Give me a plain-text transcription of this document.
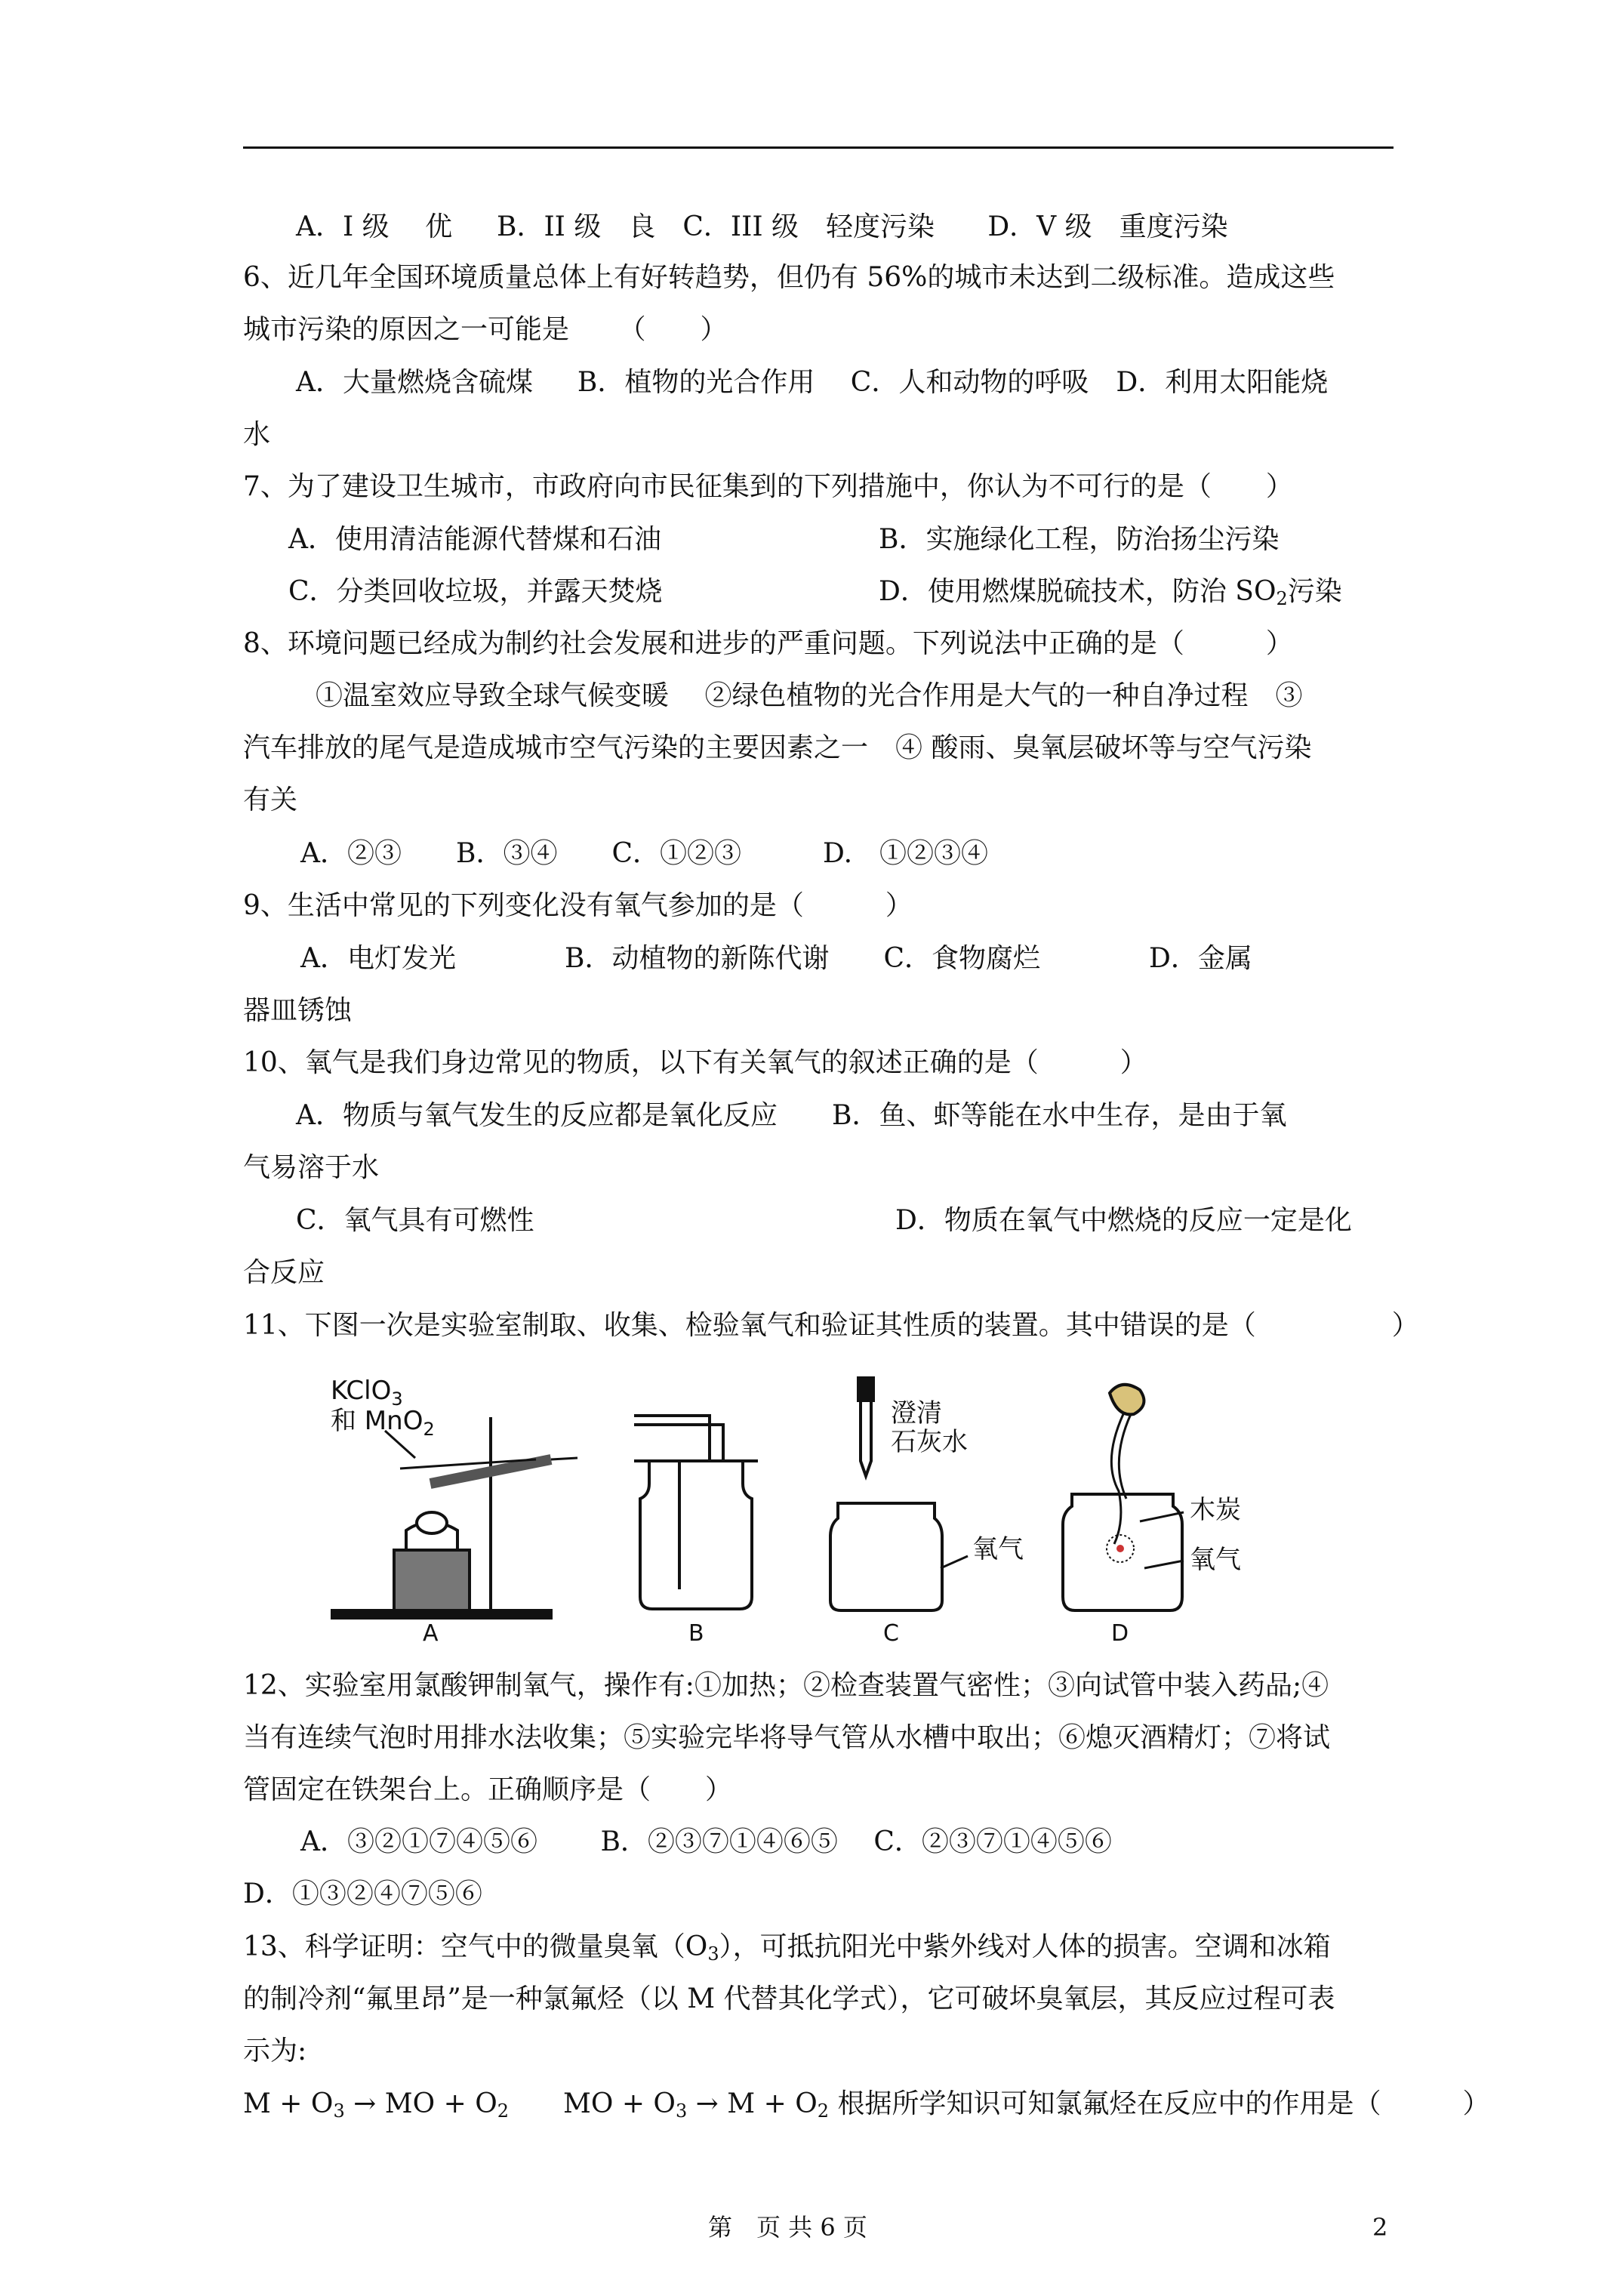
A．I 级　 优　  B．II 级　良　C．III 级　轻度污染　   D．V 级　重度污染
6、近几年全国环境质量总体上有好转趋势，但仍有 56%的城市未达到二级标准。造成这些
城市污染的原因之一可能是　 　（　　）
A．大量燃烧含硫煤　  B．植物的光合作用　 C．人和动物的呼吸　D．利用太阳能烧
水
7、为了建设卫生城市，市政府向市民征集到的下列措施中，你认为不可行的是（　　）
A．使用清洁能源代替煤和石油	B．实施绿化工程，防治扬尘污染
C．分类回收垃圾，并露天焚烧	D．使用燃煤脱硫技术，防治 $SO_2$污染
8、环境问题已经成为制约社会发展和进步的严重问题。下列说法中正确的是（　　　）
①温室效应导致全球气候变暖　 ②绿色植物的光合作用是大气的一种自净过程　③
汽车排放的尾气是造成城市空气污染的主要因素之一　④ 酸雨、臭氧层破坏等与空气污染
有关
A．②③　　B．③④　　C．①②③　　　D.　①②③④
9、生活中常见的下列变化没有氧气参加的是（　　　）
A．电灯发光　　　　B．动植物的新陈代谢　　C．食物腐烂　　　　D．金属
器皿锈蚀
10、氧气是我们身边常见的物质，以下有关氧气的叙述正确的是（　　　）
A．物质与氧气发生的反应都是氧化反应　　B．鱼、虾等能在水中生存，是由于氧
气易溶于水
C．氧气具有可燃性	D．物质在氧气中燃烧的反应一定是化
合反应
11、下图一次是实验室制取、收集、检验氧气和验证其性质的装置。其中错误的是（　　　　　）
KClO$_3$
和 MnO$_2$
A	B
澄清
石灰水
氧气
C
木炭
氧气
D
12、实验室用氯酸钾制氧气，操作有:①加热；②检查装置气密性；③向试管中装入药品;④
当有连续气泡时用排水法收集；⑤实验完毕将导气管从水槽中取出；⑥熄灭酒精灯；⑦将试
管固定在铁架台上。正确顺序是（　　）
A．③②①⑦④⑤⑥　　 B．②③⑦①④⑥⑤　 C．②③⑦①④⑤⑥
D．①③②④⑦⑤⑥
13、科学证明：空气中的微量臭氧$(O_3)$，可抵抗阳光中紫外线对人体的损害。空调和冰箱
的制冷剂“氟里昂”是一种氯氟烃（以 M 代替其化学式），它可破坏臭氧层，其反应过程可表
示为:
$M + O_3$ → MO + $O_2$　　MO + $O_3 \to M + O_2$ 根据所学知识可知氯氟烃在反应中的作用是（　　　）
第　页 共 6 页	2
